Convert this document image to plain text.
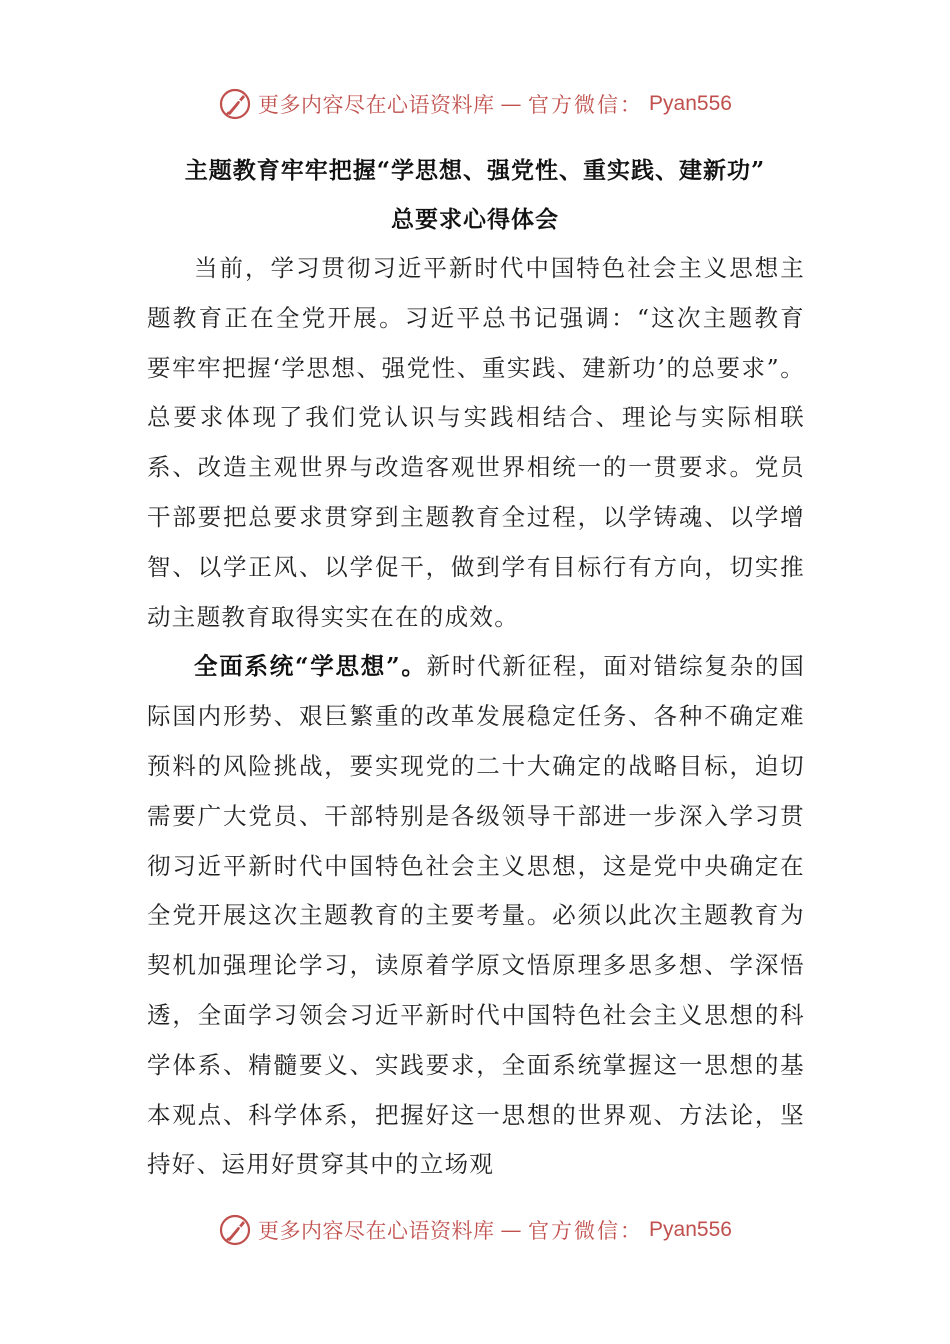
更多内容尽在心语资料库 — 官方微信： Pyan556
主题教育牢牢把握“学思想、强党性、重实践、建新功”
总要求心得体会

当前，学习贯彻习近平新时代中国特色社会主义思想主题教育正在全党开展。习近平总书记强调：“这次主题教育要牢牢把握‘学思想、强党性、重实践、建新功’的总要求”。总要求体现了我们党认识与实践相结合、理论与实际相联系、改造主观世界与改造客观世界相统一的一贯要求。党员干部要把总要求贯穿到主题教育全过程，以学铸魂、以学增智、以学正风、以学促干，做到学有目标行有方向，切实推动主题教育取得实实在在的成效。

全面系统“学思想”。新时代新征程，面对错综复杂的国际国内形势、艰巨繁重的改革发展稳定任务、各种不确定难预料的风险挑战，要实现党的二十大确定的战略目标，迫切需要广大党员、干部特别是各级领导干部进一步深入学习贯彻习近平新时代中国特色社会主义思想，这是党中央确定在全党开展这次主题教育的主要考量。必须以此次主题教育为契机加强理论学习，读原着学原文悟原理多思多想、学深悟透，全面学习领会习近平新时代中国特色社会主义思想的科学体系、精髓要义、实践要求，全面系统掌握这一思想的基本观点、科学体系，把握好这一思想的世界观、方法论，坚持好、运用好贯穿其中的立场观

更多内容尽在心语资料库 — 官方微信： Pyan556
